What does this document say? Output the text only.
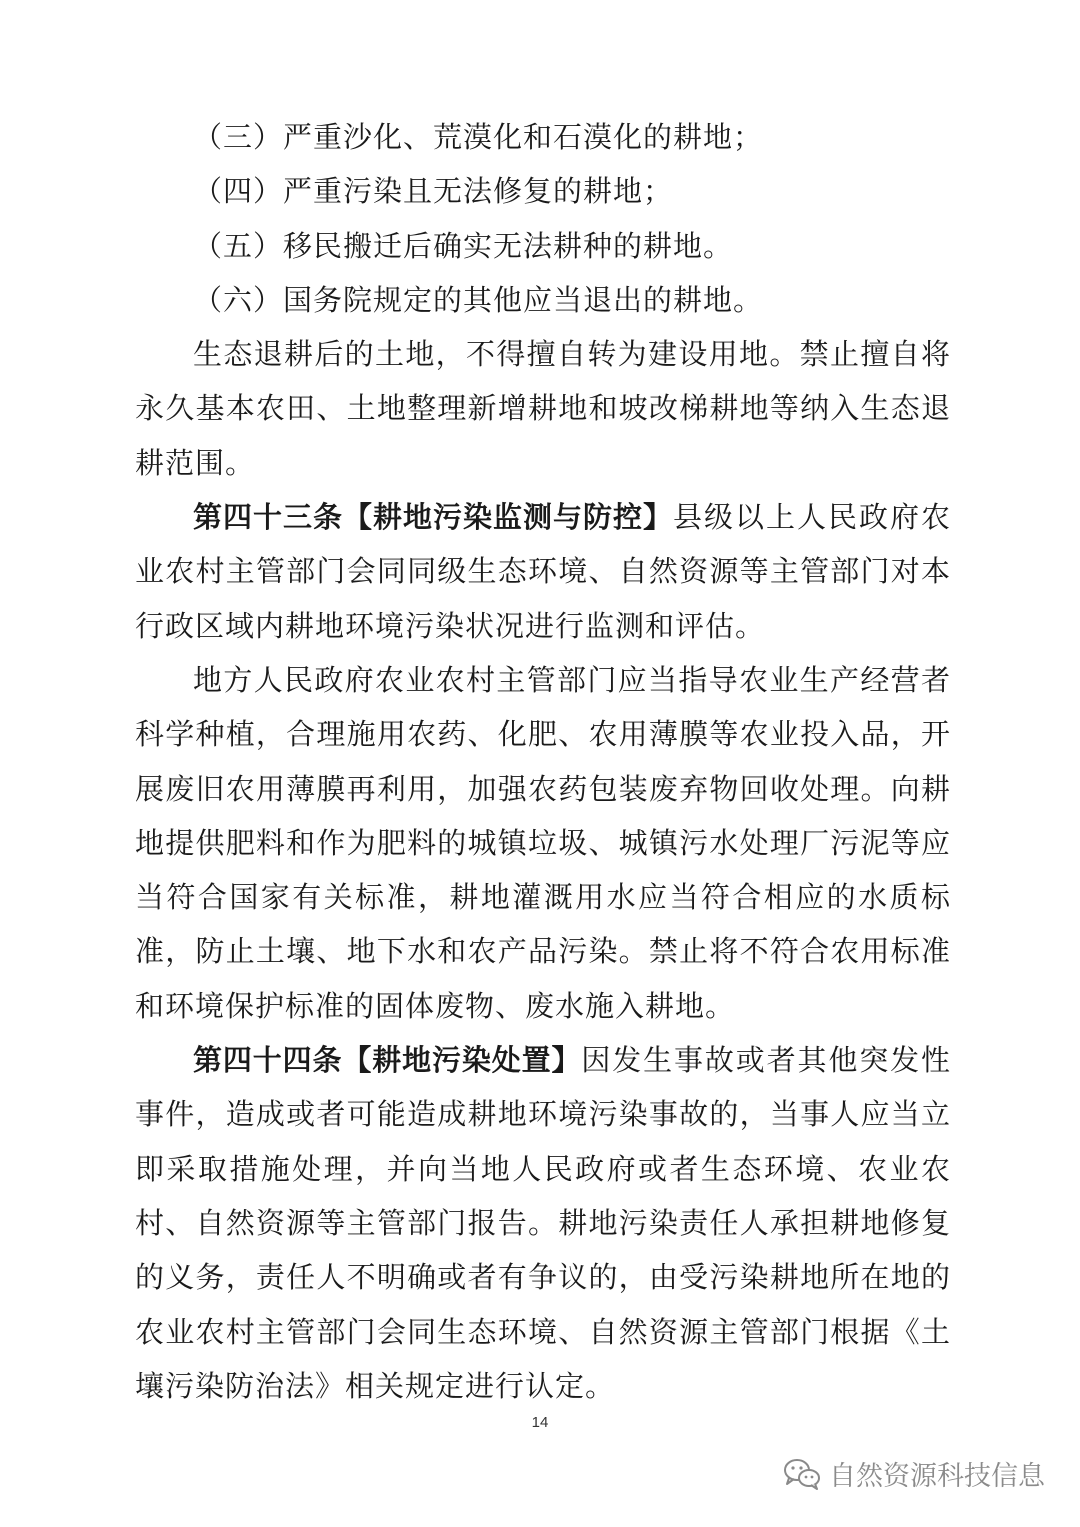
（三）严重沙化、荒漠化和石漠化的耕地；

（四）严重污染且无法修复的耕地；

（五）移民搬迁后确实无法耕种的耕地。

（六）国务院规定的其他应当退出的耕地。

生态退耕后的土地，不得擅自转为建设用地。禁止擅自将永久基本农田、土地整理新增耕地和坡改梯耕地等纳入生态退耕范围。

第四十三条【耕地污染监测与防控】县级以上人民政府农业农村主管部门会同同级生态环境、自然资源等主管部门对本行政区域内耕地环境污染状况进行监测和评估。

地方人民政府农业农村主管部门应当指导农业生产经营者科学种植，合理施用农药、化肥、农用薄膜等农业投入品，开展废旧农用薄膜再利用，加强农药包装废弃物回收处理。向耕地提供肥料和作为肥料的城镇垃圾、城镇污水处理厂污泥等应当符合国家有关标准，耕地灌溉用水应当符合相应的水质标准，防止土壤、地下水和农产品污染。禁止将不符合农用标准和环境保护标准的固体废物、废水施入耕地。

第四十四条【耕地污染处置】因发生事故或者其他突发性事件，造成或者可能造成耕地环境污染事故的，当事人应当立即采取措施处理，并向当地人民政府或者生态环境、农业农村、自然资源等主管部门报告。耕地污染责任人承担耕地修复的义务，责任人不明确或者有争议的，由受污染耕地所在地的农业农村主管部门会同生态环境、自然资源主管部门根据《土壤污染防治法》相关规定进行认定。

14
自然资源科技信息
